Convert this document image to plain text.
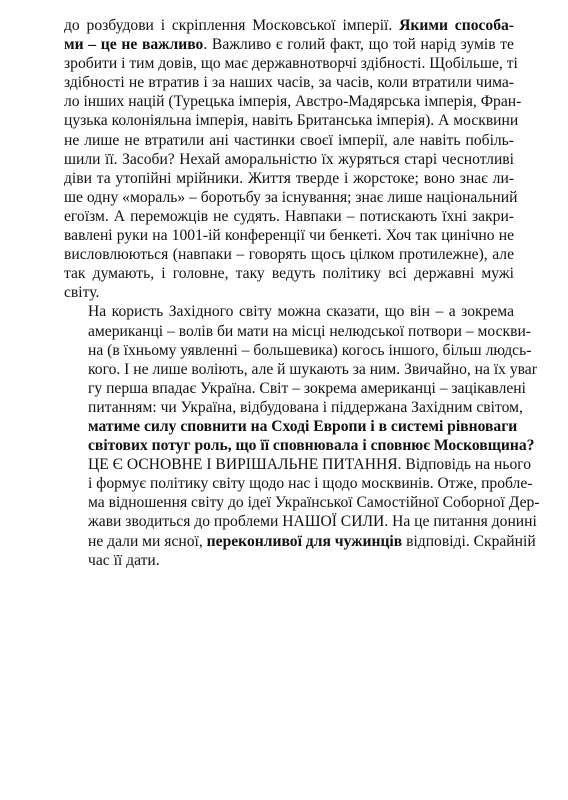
до розбудови і скріплення Московської імперії. Якими способа-
ми – це не важливо. Важливо є голий факт, що той нарід зумів те
зробити і тим довів, що має державнотворчі здібності. Щобільше, ті
здібності не втратив і за наших часів, за часів, коли втратили чима-
ло інших націй (Турецька імперія, Австро-Мадярська імперія, Фран-
цузька колоніяльна імперія, навіть Британська імперія). А москвини
не лише не втратили ані частинки своєї імперії, але навіть побіль-
шили її. Засоби? Нехай аморальністю їх журяться старі чеснотливі
діви та утопійні мрійники. Життя тверде і жорстоке; воно знає ли-
ше одну «мораль» – боротьбу за існування; знає лише національний
егоїзм. А переможців не судять. Навпаки – потискають їхні закри-
вавлені руки на 1001-ій конференції чи бенкеті. Хоч так цинічно не
висловлюються (навпаки – говорять щось цілком протилежне), але
так думають, і головне, таку ведуть політику всі державні мужі
світу.

На користь Західного світу можна сказати, що він – а зокрема
американці – волів би мати на місці нелюдської потвори – москви-
на (в їхньому уявленні – большевика) когось іншого, більш людсь-
кого. І не лише воліють, але й шукають за ним. Звичайно, на їх уваr
гу перша впадає Україна. Світ – зокрема американці – зацікавлені
питанням: чи Україна, відбудована і піддержана Західним світом,
матиме силу сповнити на Сході Европи і в системі рівноваги
світових потуг роль, що її сповнювала і сповнює Московщина?
ЦЕ Є ОСНОВНЕ І ВИРІШАЛЬНЕ ПИТАННЯ. Відповідь на нього
і формує політику світу щодо нас і щодо москвинів. Отже, пробле-
ма відношення світу до ідеї Української Самостійної Соборної Дер-
жави зводиться до проблеми НАШОЇ СИЛИ. На це питання донині
не дали ми ясної, переконливої для чужинців відповіді. Скрайній
час її дати.
